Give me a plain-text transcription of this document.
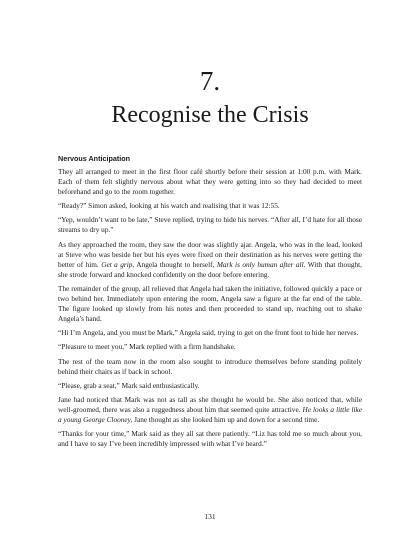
7.
Recognise the Crisis
Nervous Anticipation

They all arranged to meet in the first floor café shortly before their session at 1:00 p.m. with Mark. Each of them felt slightly nervous about what they were getting into so they had decided to meet beforehand and go to the room together.

“Ready?” Simon asked, looking at his watch and realising that it was 12:55.

“Yep, wouldn’t want to be late,” Steve replied, trying to hide his nerves. “After all, I’d hate for all those streams to dry up.”

As they approached the room, they saw the door was slightly ajar. Angela, who was in the lead, looked at Steve who was beside her but his eyes were fixed on their destination as his nerves were getting the better of him. Get a grip, Angela thought to herself, Mark is only human after all. With that thought, she strode forward and knocked confidently on the door before entering.

The remainder of the group, all relieved that Angela had taken the initiative, followed quickly a pace or two behind her. Immediately upon entering the room, Angela saw a figure at the far end of the table. The figure looked up slowly from his notes and then proceeded to stand up, reaching out to shake Angela’s hand.

“Hi I’m Angela, and you must be Mark,” Angela said, trying to get on the front foot to hide her nerves.

“Pleasure to meet you,” Mark replied with a firm handshake.

The rest of the team now in the room also sought to introduce themselves before standing politely behind their chairs as if back in school.

“Please, grab a seat,” Mark said enthusiastically.

Jane had noticed that Mark was not as tall as she thought he would be. She also noticed that, while well-groomed, there was also a ruggedness about him that seemed quite attractive. He looks a little like a young George Clooney, Jane thought as she looked him up and down for a second time.

“Thanks for your time,” Mark said as they all sat there patiently. “Liz has told me so much about you, and I have to say I’ve been incredibly impressed with what I’ve heard.”

131
